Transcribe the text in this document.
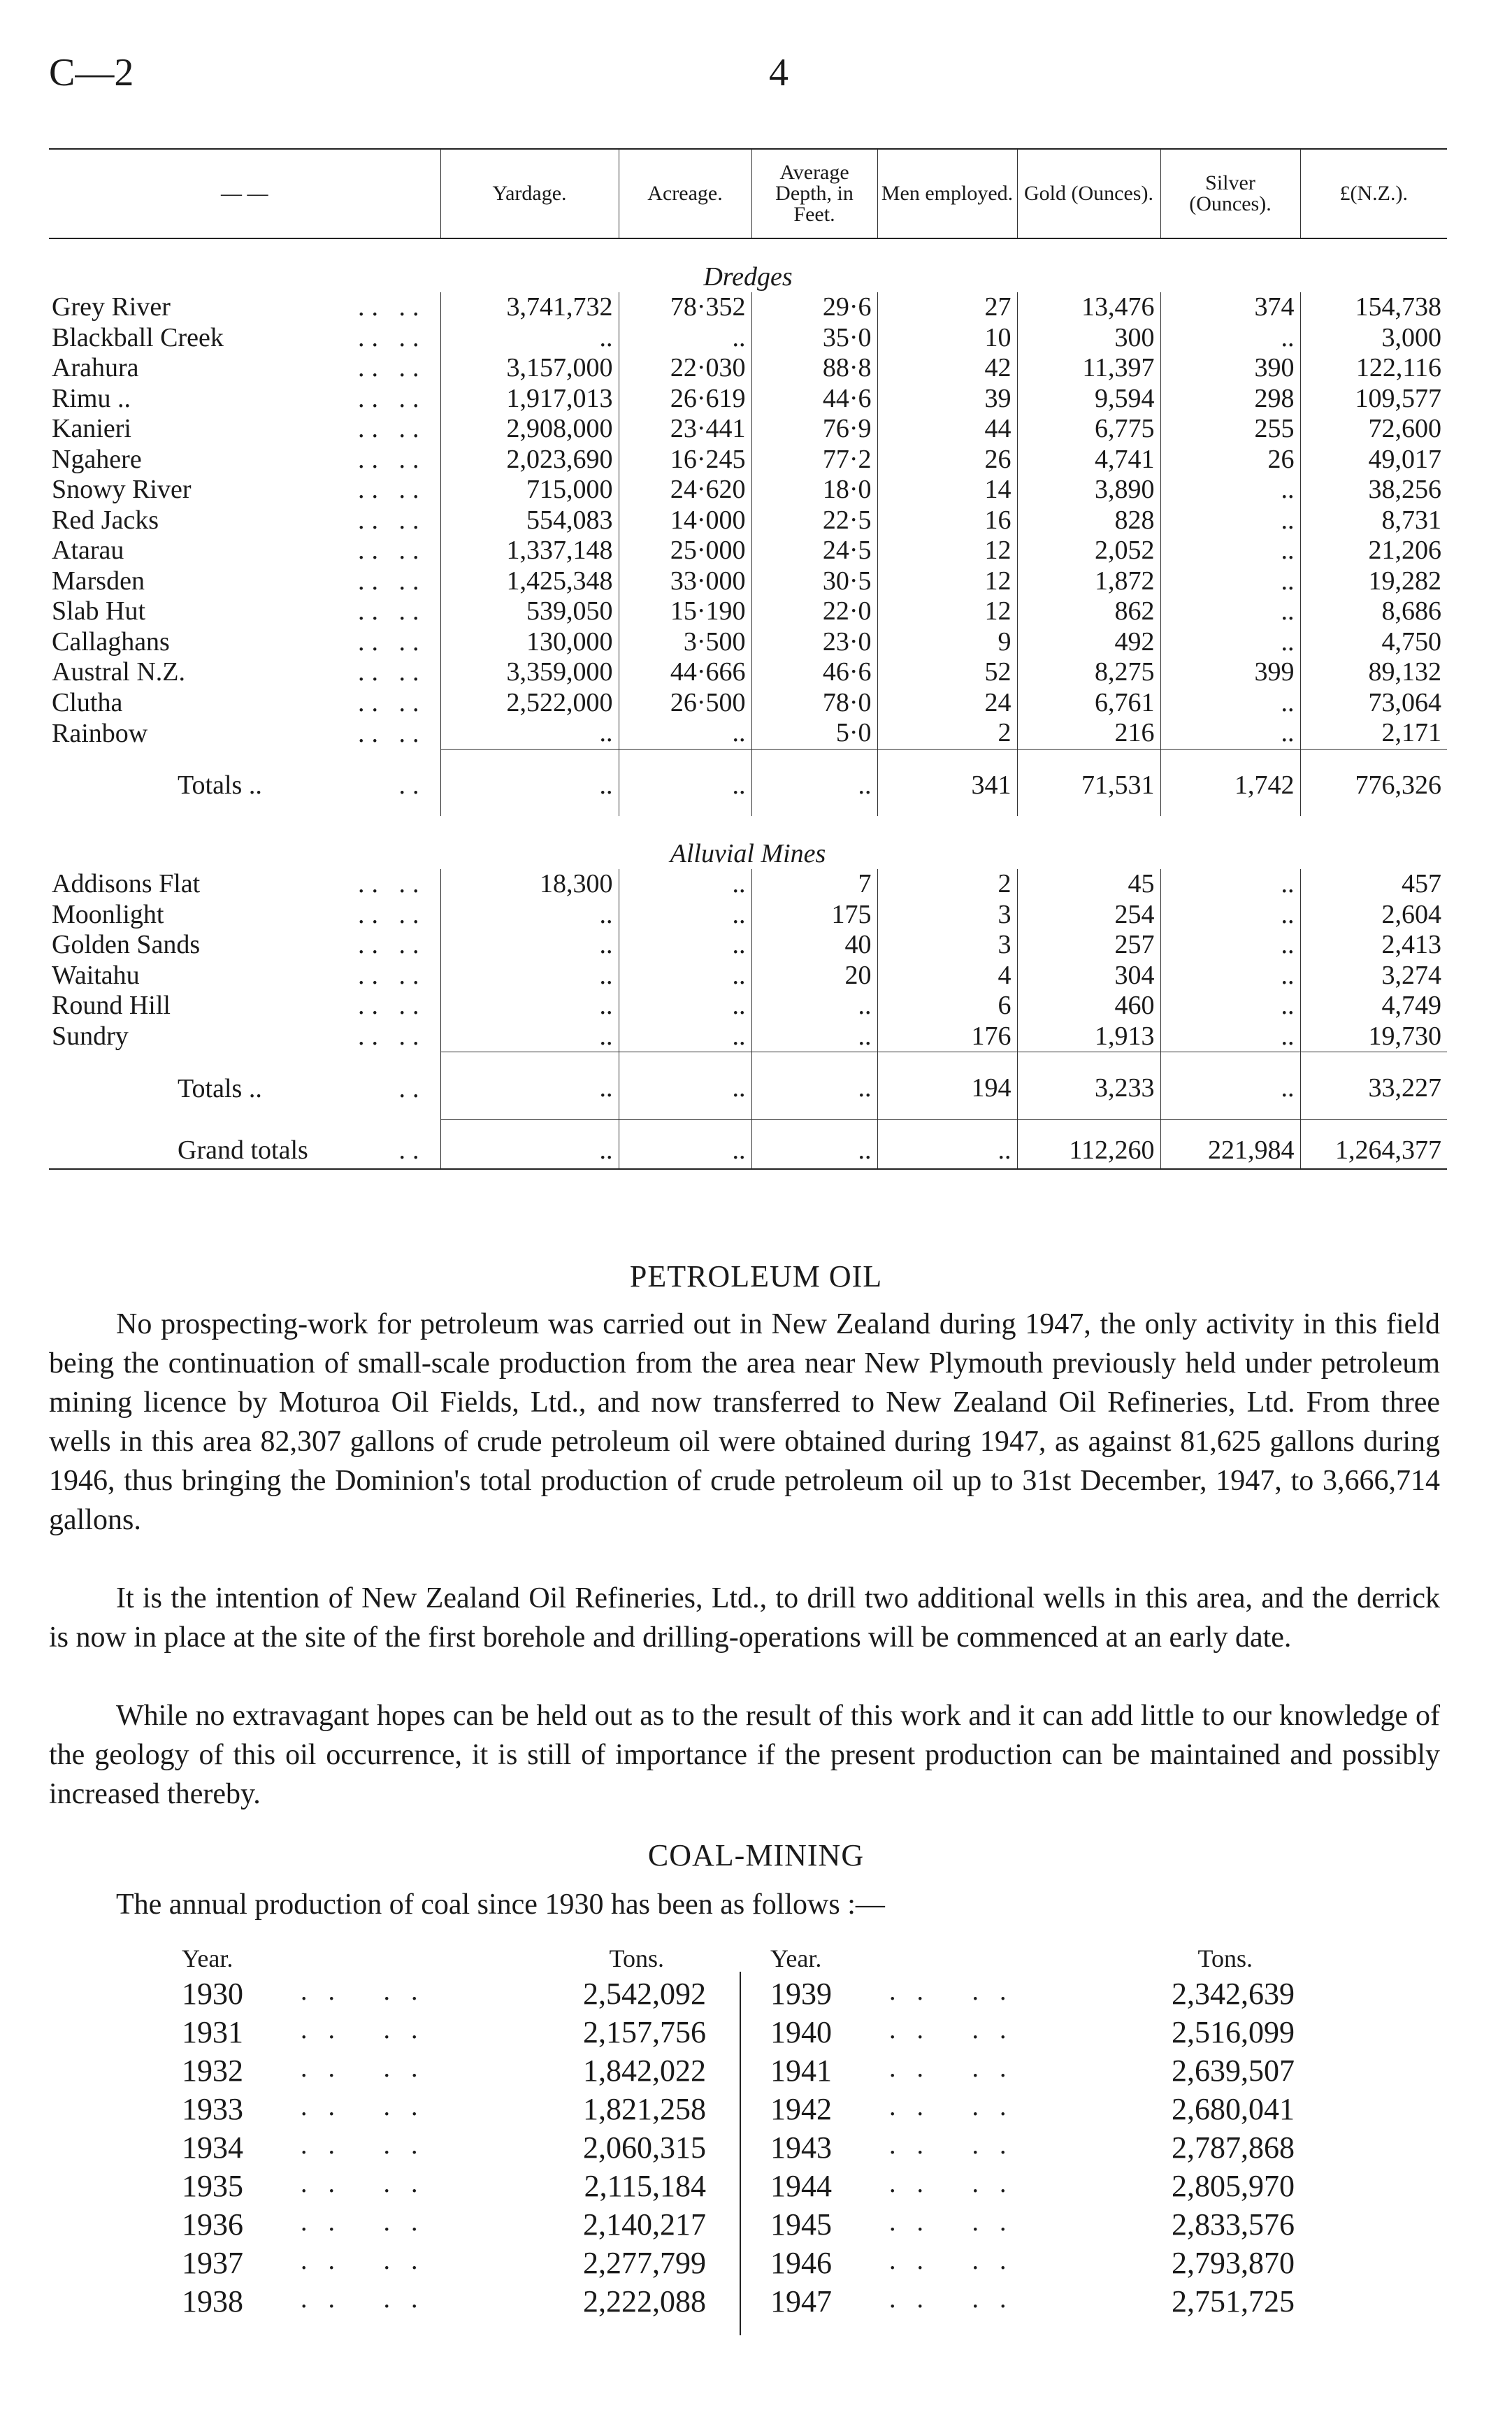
C—2	4
— —	Yardage.	Acreage.	Average Depth, in Feet.	Men employed.	Gold (Ounces).	Silver (Ounces).	£(N.Z.).
Dredges							

Grey River .. ..	3,741,732	78·352	29·6	27	13,476	374	154,738

Blackball Creek .. ..	..	..	35·0	10	300	..	3,000

Arahura .. ..	3,157,000	22·030	88·8	42	11,397	390	122,116

Rimu .. .. ..	1,917,013	26·619	44·6	39	9,594	298	109,577

Kanieri .. ..	2,908,000	23·441	76·9	44	6,775	255	72,600

Ngahere .. ..	2,023,690	16·245	77·2	26	4,741	26	49,017

Snowy River .. ..	715,000	24·620	18·0	14	3,890	..	38,256

Red Jacks .. ..	554,083	14·000	22·5	16	828	..	8,731

Atarau .. ..	1,337,148	25·000	24·5	12	2,052	..	21,206

Marsden .. ..	1,425,348	33·000	30·5	12	1,872	..	19,282

Slab Hut .. ..	539,050	15·190	22·0	12	862	..	8,686

Callaghans .. ..	130,000	3·500	23·0	9	492	..	4,750

Austral N.Z. .. ..	3,359,000	44·666	46·6	52	8,275	399	89,132

Clutha .. ..	2,522,000	26·500	78·0	24	6,761	..	73,064

Rainbow .. ..	..	..	5·0	2	216	..	2,171

Totals .. ..	..	..	..	341	71,531	1,742	776,326
Alluvial Mines							

Addisons Flat .. ..	18,300	..	7	2	45	..	457

Moonlight .. ..	..	..	175	3	254	..	2,604

Golden Sands .. ..	..	..	40	3	257	..	2,413

Waitahu .. ..	..	..	20	4	304	..	3,274

Round Hill .. ..	..	..	..	6	460	..	4,749

Sundry .. ..	..	..	..	176	1,913	..	19,730

Totals .. ..	..	..	..	194	3,233	..	33,227

Grand totals ..	..	..	..	..	112,260	221,984	1,264,377
PETROLEUM OIL

No prospecting-work for petroleum was carried out in New Zealand during 1947, the only activity in this field being the continuation of small-scale production from the area near New Plymouth previously held under petroleum mining licence by Moturoa Oil Fields, Ltd., and now transferred to New Zealand Oil Refineries, Ltd. From three wells in this area 82,307 gallons of crude petroleum oil were obtained during 1947, as against 81,625 gallons during 1946, thus bringing the Dominion's total production of crude petroleum oil up to 31st December, 1947, to 3,666,714 gallons.

It is the intention of New Zealand Oil Refineries, Ltd., to drill two additional wells in this area, and the derrick is now in place at the site of the first borehole and drilling-operations will be commenced at an early date.

While no extravagant hopes can be held out as to the result of this work and it can add little to our knowledge of the geology of this oil occurrence, it is still of importance if the present production can be maintained and possibly increased thereby.

COAL-MINING
The annual production of coal since 1930 has been as follows :—
Year.	Tons.
1930 .. ..	2,542,092
1931 .. ..	2,157,756
1932 .. ..	1,842,022
1933 .. ..	1,821,258
1934 .. ..	2,060,315
1935 .. ..	2,115,184
1936 .. ..	2,140,217
1937 .. ..	2,277,799
1938 .. ..	2,222,088
Year.	Tons.
1939 .. ..	2,342,639
1940 .. ..	2,516,099
1941 .. ..	2,639,507
1942 .. ..	2,680,041
1943 .. ..	2,787,868
1944 .. ..	2,805,970
1945 .. ..	2,833,576
1946 .. ..	2,793,870
1947 .. ..	2,751,725
